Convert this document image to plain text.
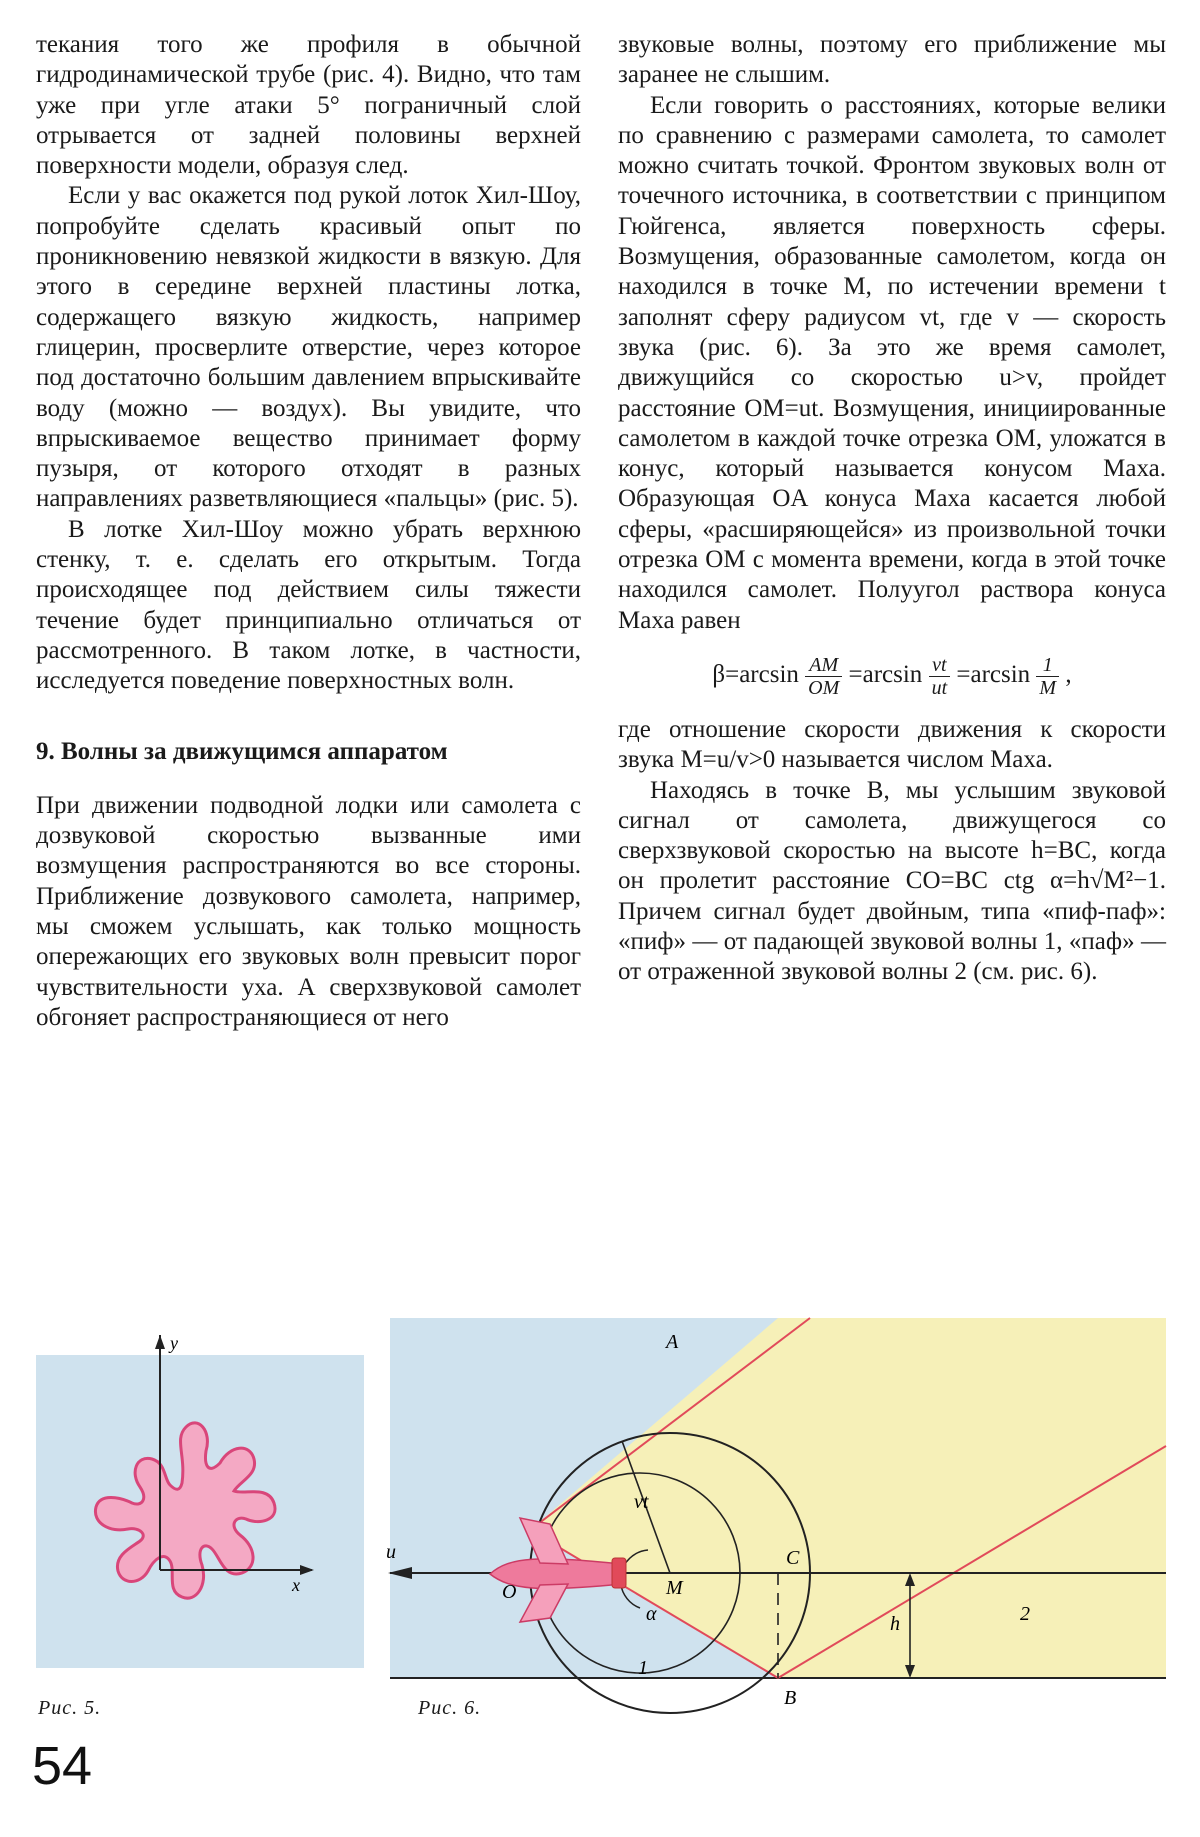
текания того же профиля в обычной гидродинамической трубе (рис. 4). Видно, что там уже при угле атаки 5° пограничный слой отрывается от задней половины верхней поверхности модели, образуя след.

Если у вас окажется под рукой лоток Хил-Шоу, попробуйте сделать красивый опыт по проникновению невязкой жидкости в вязкую. Для этого в середине верхней пластины лотка, содержащего вязкую жидкость, например глицерин, просверлите отверстие, через которое под достаточно большим давлением впрыскивайте воду (можно — воздух). Вы увидите, что впрыскиваемое вещество принимает форму пузыря, от которого отходят в разных направлениях разветвляющиеся «пальцы» (рис. 5).

В лотке Хил-Шоу можно убрать верхнюю стенку, т. е. сделать его открытым. Тогда происходящее под действием силы тяжести течение будет принципиально отличаться от рассмотренного. В таком лотке, в частности, исследуется поведение поверхностных волн.

9. Волны за движущимся аппаратом

При движении подводной лодки или самолета с дозвуковой скоростью вызванные ими возмущения распространяются во все стороны. Приближение дозвукового самолета, например, мы сможем услышать, как только мощность опережающих его звуковых волн превысит порог чувствительности уха. А сверхзвуковой самолет обгоняет распространяющиеся от него

звуковые волны, поэтому его приближение мы заранее не слышим.

Если говорить о расстояниях, которые велики по сравнению с размерами самолета, то самолет можно считать точкой. Фронтом звуковых волн от точечного источника, в соответствии с принципом Гюйгенса, является поверхность сферы. Возмущения, образованные самолетом, когда он находился в точке M, по истечении времени t заполнят сферу радиусом vt, где v — скорость звука (рис. 6). За это же время самолет, движущийся со скоростью u>v, пройдет расстояние OM=ut. Возмущения, инициированные самолетом в каждой точке отрезка OM, уложатся в конус, который называется конусом Маха. Образующая OA конуса Маха касается любой сферы, «расширяющейся» из произвольной точки отрезка OM с момента времени, когда в этой точке находился самолет. Полуугол раствора конуса Маха равен

$\beta=\arcsin \frac{AM}{OM} =\arcsin \frac{vt}{ut} =\arcsin \frac{1}{M}$ ,

где отношение скорости движения к скорости звука M=u/v>0 называется числом Маха.

Находясь в точке B, мы услышим звуковой сигнал от самолета, движущегося со сверхзвуковой скоростью на высоте h=BC, когда он пролетит расстояние CO=BC ctg α=h√M²−1. Причем сигнал будет двойным, типа «пиф-паф»: «пиф» — от падающей звуковой волны 1, «паф» — от отраженной звуковой волны 2 (см. рис. 6).

y
x
A
O	M
C
B
u
vt
α	h
1
2
Рис. 5.	Рис. 6.
54
